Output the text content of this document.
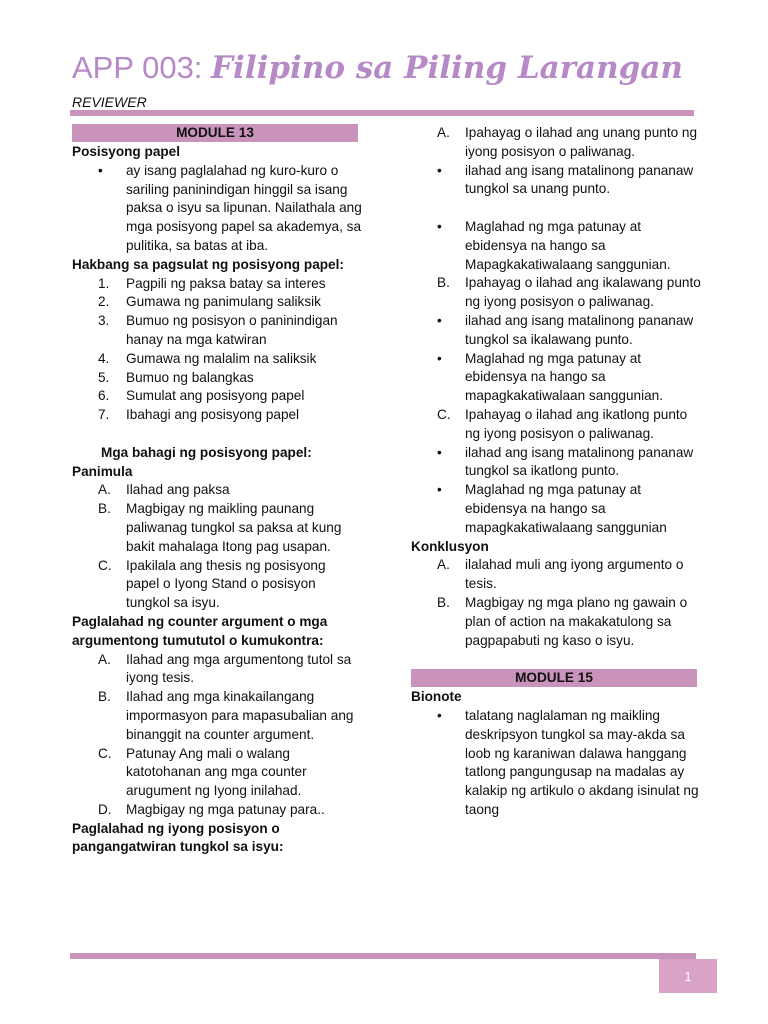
APP 003: Filipino sa Piling Larangan
REVIEWER
MODULE 13
Posisyong papel
•	ay isang paglalahad ng kuro-kuro o sariling paninindigan hinggil sa isang paksa o isyu sa lipunan. Nailathala ang mga posisyong papel sa akademya, sa pulitika, sa batas at iba.
Hakbang sa pagsulat ng posisyong papel:
1.	Pagpili ng paksa batay sa interes
2.	Gumawa ng panimulang saliksik
3.	Bumuo ng posisyon o paninindigan hanay na mga katwiran
4.	Gumawa ng malalim na saliksik
5.	Bumuo ng balangkas
6.	Sumulat ang posisyong papel
7.	Ibahagi ang posisyong papel
Mga bahagi ng posisyong papel:
Panimula
A.	Ilahad ang paksa
B.	Magbigay ng maikling paunang paliwanag tungkol sa paksa at kung bakit mahalaga Itong pag usapan.
C.	Ipakilala ang thesis ng posisyong papel o Iyong Stand o posisyon tungkol sa isyu.
Paglalahad ng counter argument o mga argumentong tumututol o kumukontra:
A.	Ilahad ang mga argumentong tutol sa iyong tesis.
B.	Ilahad ang mga kinakailangang impormasyon para mapasubalian ang binanggit na counter argument.
C.	Patunay Ang mali o walang katotohanan ang mga counter arugument ng Iyong inilahad.
D.	Magbigay ng mga patunay para..
Paglalahad ng iyong posisyon o pangangatwiran tungkol sa isyu:
A.	Ipahayag o ilahad ang unang punto ng iyong posisyon o paliwanag.
•	ilahad ang isang matalinong pananaw tungkol sa unang punto.
•	Maglahad ng mga patunay at ebidensya na hango sa Mapagkakatiwalaang sanggunian.
B.	Ipahayag o ilahad ang ikalawang punto ng iyong posisyon o paliwanag.
•	ilahad ang isang matalinong pananaw tungkol sa ikalawang punto.
•	Maglahad ng mga patunay at ebidensya na hango sa mapagkakatiwalaan sanggunian.
C.	Ipahayag o ilahad ang ikatlong punto ng iyong posisyon o paliwanag.
•	ilahad ang isang matalinong pananaw tungkol sa ikatlong punto.
•	Maglahad ng mga patunay at ebidensya na hango sa mapagkakatiwalaang sanggunian
Konklusyon
A.	ilalahad muli ang iyong argumento o tesis.
B.	Magbigay ng mga plano ng gawain o plan of action na makakatulong sa pagpapabuti ng kaso o isyu.
MODULE 15
Bionote
•	talatang naglalaman ng maikling deskripsyon tungkol sa may-akda sa loob ng karaniwan dalawa hanggang tatlong pangungusap na madalas ay kalakip ng artikulo o akdang isinulat ng taong
1
